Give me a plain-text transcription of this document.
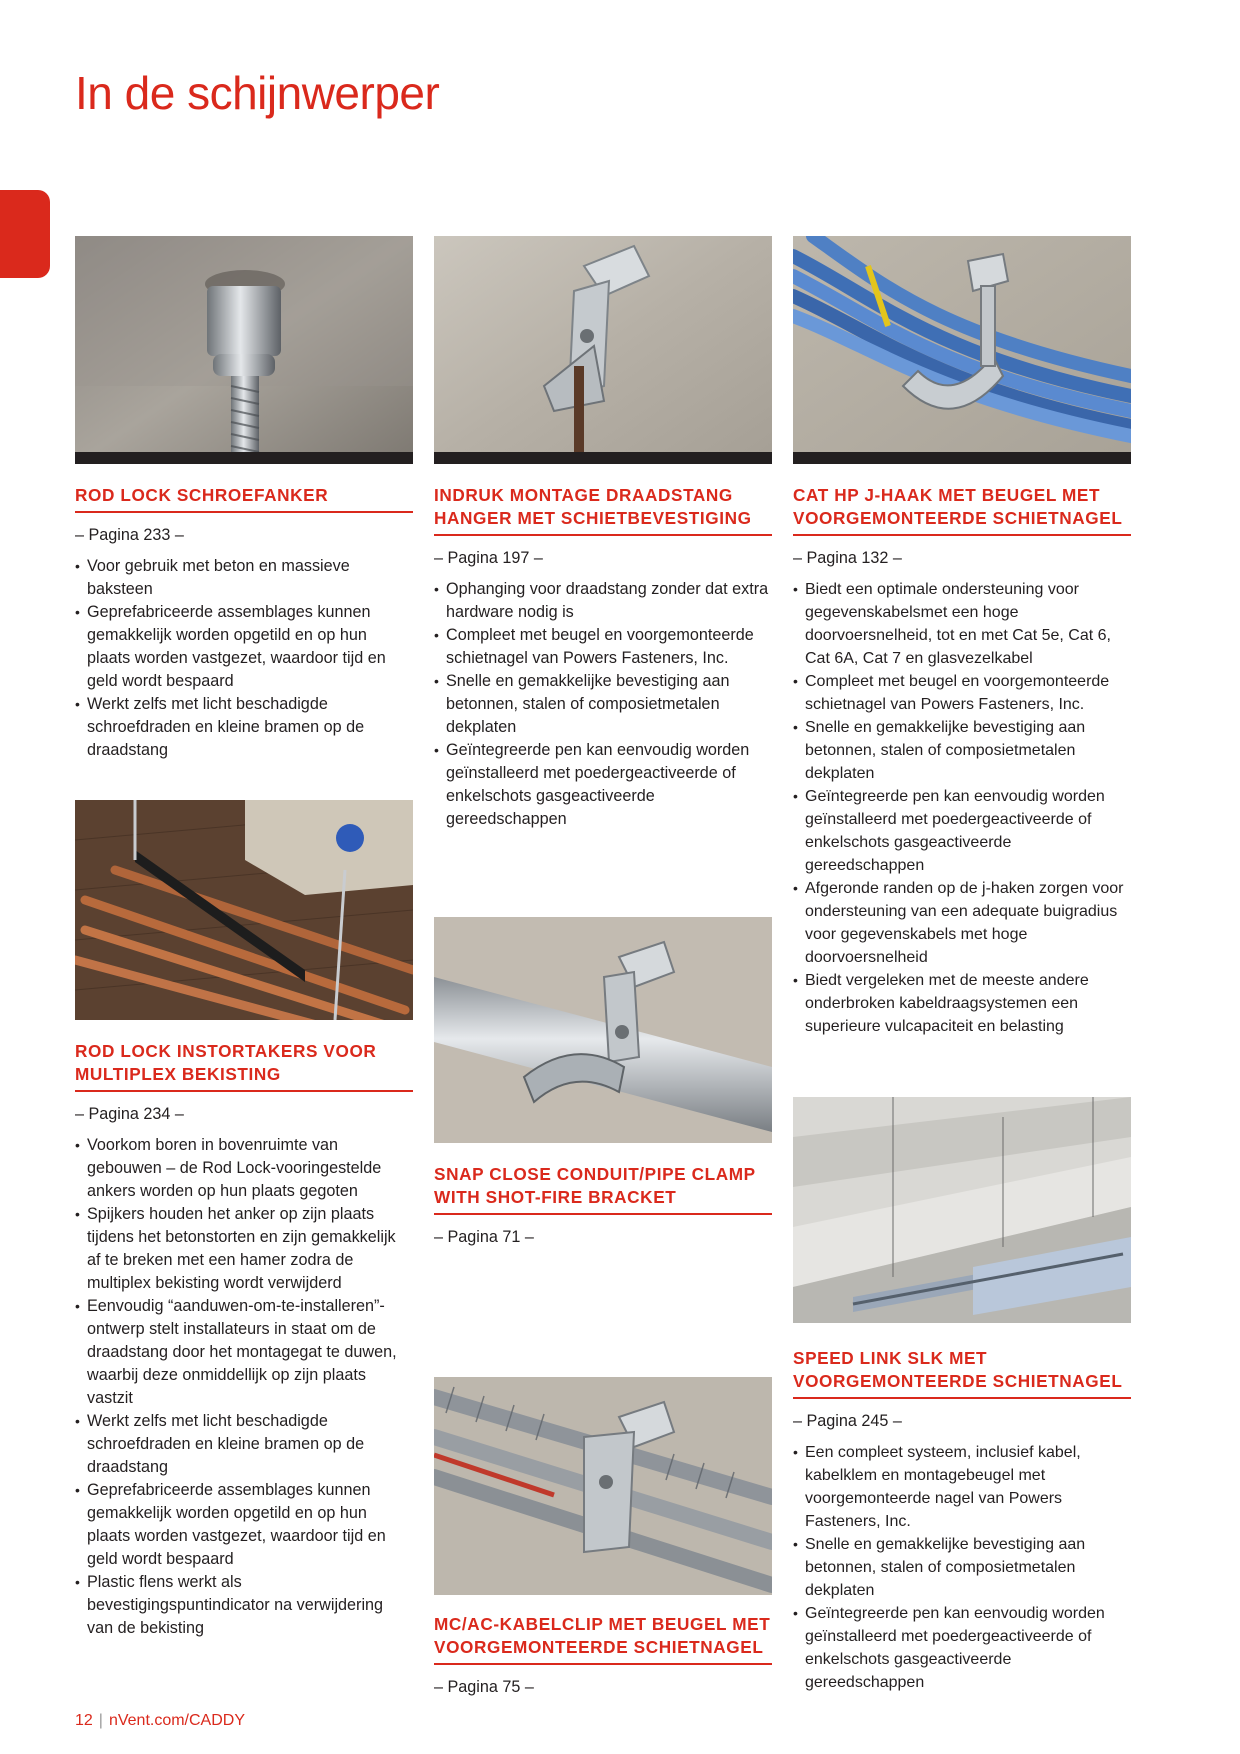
In de schijnwerper
ROD LOCK SCHROEFANKER
– Pagina 233 –
• Voor gebruik met beton en massieve baksteen
• Geprefabriceerde assemblages kunnen gemakkelijk worden opgetild en op hun plaats worden vastgezet, waardoor tijd en geld wordt bespaard
• Werkt zelfs met licht beschadigde schroefdraden en kleine bramen op de draadstang
ROD LOCK INSTORTAKERS VOOR MULTIPLEX BEKISTING
– Pagina 234 –
• Voorkom boren in bovenruimte van gebouwen – de Rod Lock-vooringestelde ankers worden op hun plaats gegoten
• Spijkers houden het anker op zijn plaats tijdens het betonstorten en zijn gemakkelijk af te breken met een hamer zodra de multiplex bekisting wordt verwijderd
• Eenvoudig “aanduwen-om-te-installeren”-ontwerp stelt installateurs in staat om de draadstang door het montagegat te duwen, waarbij deze onmiddellijk op zijn plaats vastzit
• Werkt zelfs met licht beschadigde schroefdraden en kleine bramen op de draadstang
• Geprefabriceerde assemblages kunnen gemakkelijk worden opgetild en op hun plaats worden vastgezet, waardoor tijd en geld wordt bespaard
• Plastic flens werkt als bevestigingspuntindicator na verwijdering van de bekisting
INDRUK MONTAGE DRAADSTANG HANGER MET SCHIETBEVESTIGING
– Pagina 197 –
• Ophanging voor draadstang zonder dat extra hardware nodig is
• Compleet met beugel en voorgemonteerde schietnagel van Powers Fasteners, Inc.
• Snelle en gemakkelijke bevestiging aan betonnen, stalen of composietmetalen dekplaten
• Geïntegreerde pen kan eenvoudig worden geïnstalleerd met poedergeactiveerde of enkelschots gasgeactiveerde gereedschappen
SNAP CLOSE CONDUIT/PIPE CLAMP WITH SHOT-FIRE BRACKET
– Pagina 71 –
MC/AC-KABELCLIP MET BEUGEL MET VOORGEMONTEERDE SCHIETNAGEL
– Pagina 75 –
CAT HP J-HAAK MET BEUGEL MET VOORGEMONTEERDE SCHIETNAGEL
– Pagina 132 –
• Biedt een optimale ondersteuning voor gegevenskabelsmet een hoge doorvoersnelheid, tot en met Cat 5e, Cat 6, Cat 6A, Cat 7 en glasvezelkabel
• Compleet met beugel en voorgemonteerde schietnagel van Powers Fasteners, Inc.
• Snelle en gemakkelijke bevestiging aan betonnen, stalen of composietmetalen dekplaten
• Geïntegreerde pen kan eenvoudig worden geïnstalleerd met poedergeactiveerde of enkelschots gasgeactiveerde gereedschappen
• Afgeronde randen op de j-haken zorgen voor ondersteuning van een adequate buigradius voor gegevenskabels met hoge doorvoersnelheid
• Biedt vergeleken met de meeste andere onderbroken kabeldraagsystemen een superieure vulcapaciteit en belasting
SPEED LINK SLK MET VOORGEMONTEERDE SCHIETNAGEL
– Pagina 245 –
• Een compleet systeem, inclusief kabel, kabelklem en montagebeugel met voorgemonteerde nagel van Powers Fasteners, Inc.
• Snelle en gemakkelijke bevestiging aan betonnen, stalen of composietmetalen dekplaten
• Geïntegreerde pen kan eenvoudig worden geïnstalleerd met poedergeactiveerde of enkelschots gasgeactiveerde gereedschappen
12 | nVent.com/CADDY
